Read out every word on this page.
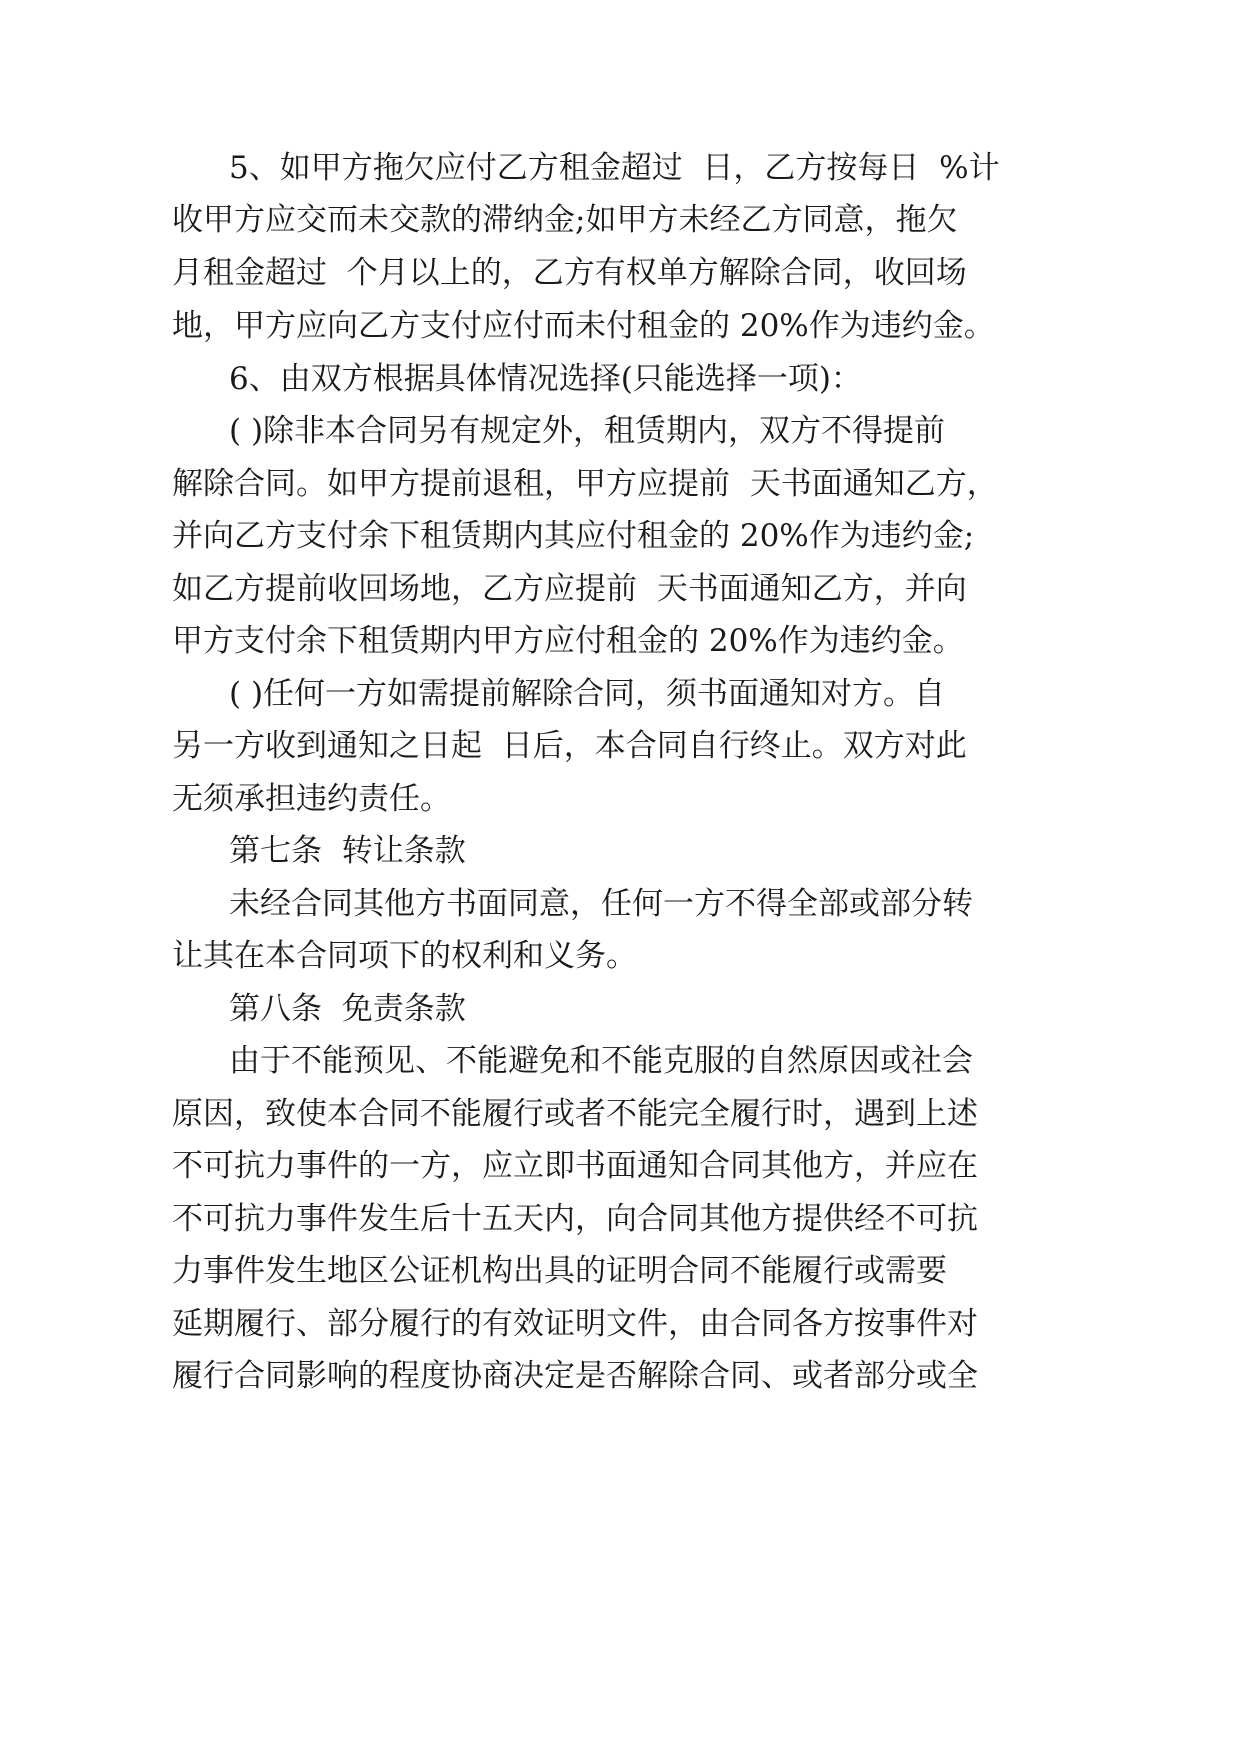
5、如甲方拖欠应付乙方租金超过  日，乙方按每日  %计
收甲方应交而未交款的滞纳金;如甲方未经乙方同意，拖欠
月租金超过  个月以上的，乙方有权单方解除合同，收回场
地，甲方应向乙方支付应付而未付租金的 20%作为违约金。
6、由双方根据具体情况选择(只能选择一项)：
( )除非本合同另有规定外，租赁期内，双方不得提前
解除合同。如甲方提前退租，甲方应提前  天书面通知乙方，
并向乙方支付余下租赁期内其应付租金的 20%作为违约金;
如乙方提前收回场地，乙方应提前  天书面通知乙方，并向
甲方支付余下租赁期内甲方应付租金的 20%作为违约金。
( )任何一方如需提前解除合同，须书面通知对方。自
另一方收到通知之日起  日后，本合同自行终止。双方对此
无须承担违约责任。
第七条  转让条款
未经合同其他方书面同意，任何一方不得全部或部分转
让其在本合同项下的权利和义务。
第八条  免责条款
由于不能预见、不能避免和不能克服的自然原因或社会
原因，致使本合同不能履行或者不能完全履行时，遇到上述
不可抗力事件的一方，应立即书面通知合同其他方，并应在
不可抗力事件发生后十五天内，向合同其他方提供经不可抗
力事件发生地区公证机构出具的证明合同不能履行或需要
延期履行、部分履行的有效证明文件，由合同各方按事件对
履行合同影响的程度协商决定是否解除合同、或者部分或全
